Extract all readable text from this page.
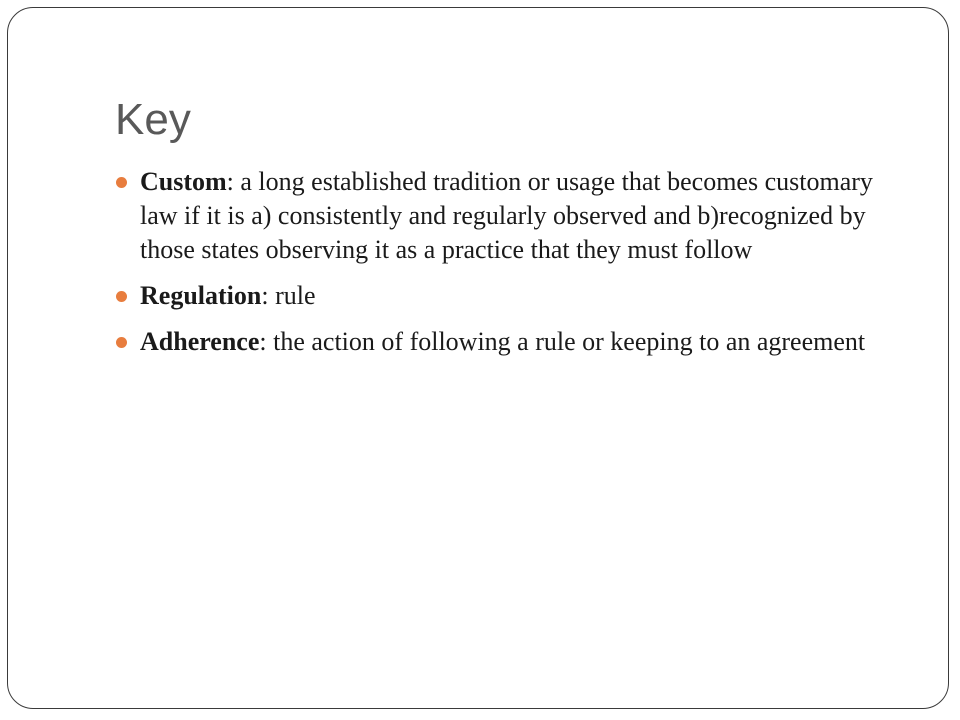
Key
Custom: a long established tradition or usage that becomes customary law if it is a) consistently and regularly observed and b)recognized by those states observing it as a practice that they must follow
Regulation: rule
Adherence: the action of following a rule or keeping to an agreement
